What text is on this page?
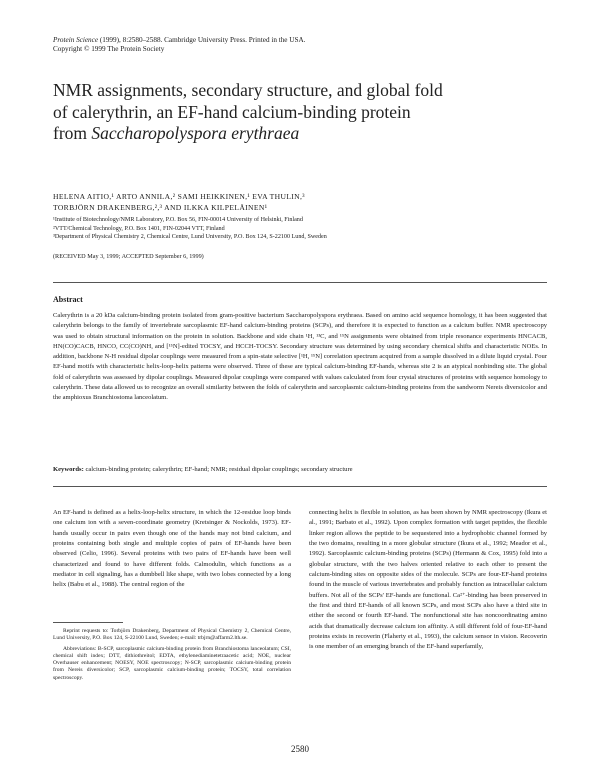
Protein Science (1999), 8:2580–2588. Cambridge University Press. Printed in the USA.
Copyright © 1999 The Protein Society
NMR assignments, secondary structure, and global fold
of calerythrin, an EF-hand calcium-binding protein
from Saccharopolyspora erythraea
HELENA AITIO,¹ ARTO ANNILA,² SAMI HEIKKINEN,¹ EVA THULIN,³
TORBJÖRN DRAKENBERG,²,³ AND ILKKA KILPELÄINEN¹
¹Institute of Biotechnology/NMR Laboratory, P.O. Box 56, FIN-00014 University of Helsinki, Finland
²VTT/Chemical Technology, P.O. Box 1401, FIN-02044 VTT, Finland
³Department of Physical Chemistry 2, Chemical Centre, Lund University, P.O. Box 124, S-22100 Lund, Sweden
(RECEIVED May 3, 1999; ACCEPTED September 6, 1999)
Abstract
Calerythrin is a 20 kDa calcium-binding protein isolated from gram-positive bacterium Saccharopolyspora erythraea. Based on amino acid sequence homology, it has been suggested that calerythrin belongs to the family of invertebrate sarcoplasmic EF-hand calcium-binding proteins (SCPs), and therefore it is expected to function as a calcium buffer. NMR spectroscopy was used to obtain structural information on the protein in solution. Backbone and side chain ¹H, ¹³C, and ¹⁵N assignments were obtained from triple resonance experiments HNCACB, HN(CO)CACB, HNCO, CC(CO)NH, and [¹⁵N]-edited TOCSY, and HCCH-TOCSY. Secondary structure was determined by using secondary chemical shifts and characteristic NOEs. In addition, backbone N-H residual dipolar couplings were measured from a spin-state selective [¹H, ¹⁵N] correlation spectrum acquired from a sample dissolved in a dilute liquid crystal. Four EF-hand motifs with characteristic helix-loop-helix patterns were observed. Three of these are typical calcium-binding EF-hands, whereas site 2 is an atypical nonbinding site. The global fold of calerythrin was assessed by dipolar couplings. Measured dipolar couplings were compared with values calculated from four crystal structures of proteins with sequence homology to calerythrin. These data allowed us to recognize an overall similarity between the folds of calerythrin and sarcoplasmic calcium-binding proteins from the sandworm Nereis diversicolor and the amphioxus Branchiostoma lanceolatum.
Keywords: calcium-binding protein; calerythrin; EF-hand; NMR; residual dipolar couplings; secondary structure
An EF-hand is defined as a helix-loop-helix structure, in which the 12-residue loop binds one calcium ion with a seven-coordinate geometry (Kretsinger & Nockolds, 1973). EF-hands usually occur in pairs even though one of the hands may not bind calcium, and proteins containing both single and multiple copies of pairs of EF-hands have been observed (Celio, 1996). Several proteins with two pairs of EF-hands have been well characterized and found to have different folds. Calmodulin, which functions as a mediator in cell signaling, has a dumbbell like shape, with two lobes connected by a long helix (Babu et al., 1988). The central region of the
connecting helix is flexible in solution, as has been shown by NMR spectroscopy (Ikura et al., 1991; Barbato et al., 1992). Upon complex formation with target peptides, the flexible linker region allows the peptide to be sequestered into a hydrophobic channel formed by the two domains, resulting in a more globular structure (Ikura et al., 1992; Meador et al., 1992). Sarcoplasmic calcium-binding proteins (SCPs) (Hermann & Cox, 1995) fold into a globular structure, with the two halves oriented relative to each other to present the calcium-binding sites on opposite sides of the molecule. SCPs are four-EF-hand proteins found in the muscle of various invertebrates and probably function as intracellular calcium buffers. Not all of the SCPs' EF-hands are functional. Ca²⁺-binding has been preserved in the first and third EF-hands of all known SCPs, and most SCPs also have a third site in either the second or fourth EF-hand. The nonfunctional site has noncoordinating amino acids that dramatically decrease calcium ion affinity. A still different fold of four-EF-hand proteins exists in recoverin (Flaherty et al., 1993), the calcium sensor in vision. Recoverin is one member of an emerging branch of the EF-hand superfamily,
Reprint requests to: Torbjörn Drakenberg, Department of Physical Chemistry 2, Chemical Centre, Lund University, P.O. Box 124, S-22100 Lund, Sweden; e-mail: trbjrn@affarm2.lth.se.
Abbreviations: B-SCP, sarcoplasmic calcium-binding protein from Branchiostoma lanceolatum; CSI, chemical shift index; DTT, dithiothreitol; EDTA, ethylenediaminetetraacetic acid; NOE, nuclear Overhauser enhancement; NOESY, NOE spectroscopy; N-SCP, sarcoplasmic calcium-binding protein from Nereis diversicolor; SCP, sarcoplasmic calcium-binding protein; TOCSY, total correlation spectroscopy.
2580
